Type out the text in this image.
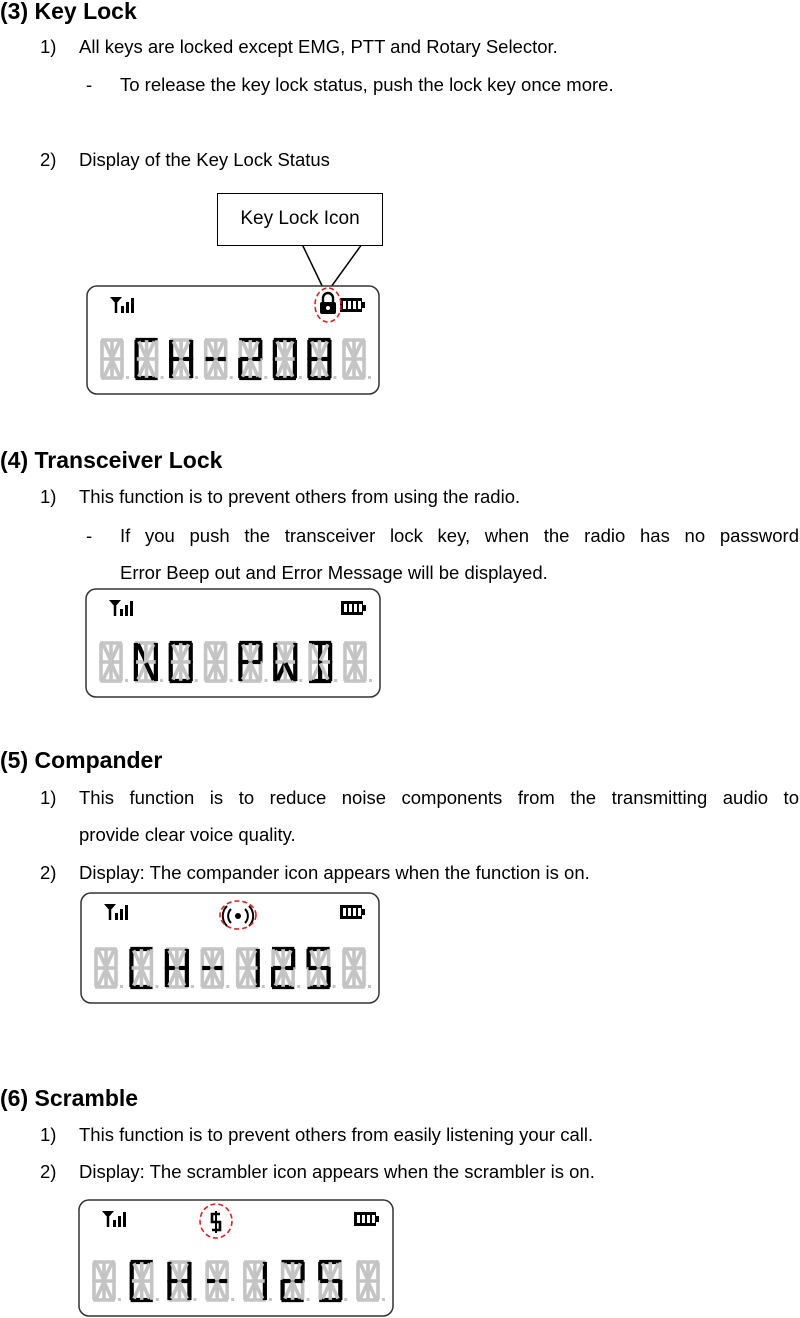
(3) Key Lock
1) All keys are locked except EMG, PTT and Rotary Selector.
- To release the key lock status, push the lock key once more.
2) Display of the Key Lock Status
Key Lock Icon
(4) Transceiver Lock
1) This function is to prevent others from using the radio.
- If you push the transceiver lock key, when the radio has no password
Error Beep out and Error Message will be displayed.
(5) Compander
1) This function is to reduce noise components from the transmitting audio to
provide clear voice quality.
2) Display: The compander icon appears when the function is on.
(6) Scramble
1) This function is to prevent others from easily listening your call.
2) Display: The scrambler icon appears when the scrambler is on.
